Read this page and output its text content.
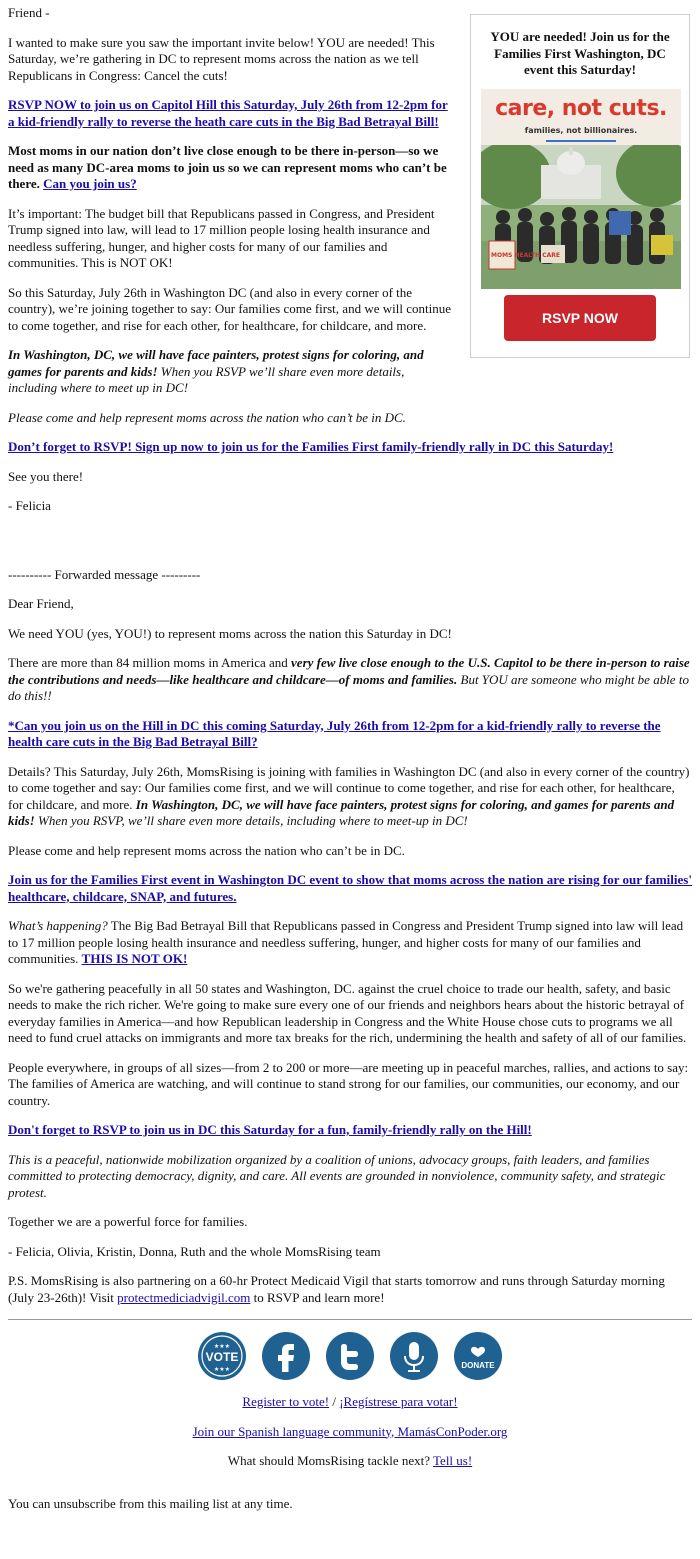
YOU are needed! Join us for the Families First Washington, DC event this Saturday!
care, not cuts.
families, not billionaires.
MOMS HEALTH CARE
RSVP NOW

Friend -

I wanted to make sure you saw the important invite below! YOU are needed! This Saturday, we’re gathering in DC to represent moms across the nation as we tell Republicans in Congress: Cancel the cuts!

RSVP NOW to join us on Capitol Hill this Saturday, July 26th from 12-2pm for a kid-friendly rally to reverse the heath care cuts in the Big Bad Betrayal Bill!

Most moms in our nation don’t live close enough to be there in-person—so we need as many DC-area moms to join us so we can represent moms who can’t be there. Can you join us?

It’s important: The budget bill that Republicans passed in Congress, and President Trump signed into law, will lead to 17 million people losing health insurance and needless suffering, hunger, and higher costs for many of our families and communities. This is NOT OK!

So this Saturday, July 26th in Washington DC (and also in every corner of the country), we’re joining together to say: Our families come first, and we will continue to come together, and rise for each other, for healthcare, for childcare, and more.

In Washington, DC, we will have face painters, protest signs for coloring, and games for parents and kids! When you RSVP we’ll share even more details, including where to meet up in DC!

Please come and help represent moms across the nation who can’t be in DC.

Don’t forget to RSVP! Sign up now to join us for the Families First family-friendly rally in DC this Saturday!

See you there!

- Felicia

---------- Forwarded message ---------

Dear Friend,

We need YOU (yes, YOU!) to represent moms across the nation this Saturday in DC!

There are more than 84 million moms in America and very few live close enough to the U.S. Capitol to be there in-person to raise the contributions and needs—like healthcare and childcare—of moms and families. But YOU are someone who might be able to do this!!

*Can you join us on the Hill in DC this coming Saturday, July 26th from 12-2pm for a kid-friendly rally to reverse the health care cuts in the Big Bad Betrayal Bill?

Details? This Saturday, July 26th, MomsRising is joining with families in Washington DC (and also in every corner of the country) to come together and say: Our families come first, and we will continue to come together, and rise for each other, for healthcare, for childcare, and more. In Washington, DC, we will have face painters, protest signs for coloring, and games for parents and kids! When you RSVP, we’ll share even more details, including where to meet-up in DC!

Please come and help represent moms across the nation who can’t be in DC.

Join us for the Families First event in Washington DC event to show that moms across the nation are rising for our families' healthcare, childcare, SNAP, and futures.

What’s happening? The Big Bad Betrayal Bill that Republicans passed in Congress and President Trump signed into law will lead to 17 million people losing health insurance and needless suffering, hunger, and higher costs for many of our families and communities. THIS IS NOT OK!

So we're gathering peacefully in all 50 states and Washington, DC. against the cruel choice to trade our health, safety, and basic needs to make the rich richer. We're going to make sure every one of our friends and neighbors hears about the historic betrayal of everyday families in America—and how Republican leadership in Congress and the White House chose cuts to programs we all need to fund cruel attacks on immigrants and more tax breaks for the rich, undermining the health and safety of all of our families.

People everywhere, in groups of all sizes—from 2 to 200 or more—are meeting up in peaceful marches, rallies, and actions to say: The families of America are watching, and will continue to stand strong for our families, our communities, our economy, and our country.

Don't forget to RSVP to join us in DC this Saturday for a fun, family-friendly rally on the Hill!

This is a peaceful, nationwide mobilization organized by a coalition of unions, advocacy groups, faith leaders, and families committed to protecting democracy, dignity, and care. All events are grounded in nonviolence, community safety, and strategic protest.

Together we are a powerful force for families.

- Felicia, Olivia, Kristin, Donna, Ruth and the whole MomsRising team

P.S. MomsRising is also partnering on a 60-hr Protect Medicaid Vigil that starts tomorrow and runs through Saturday morning (July 23-26th)! Visit protectmediciadvigil.com to RSVP and learn more!

VOTE
★★★
★★★	DONATE

Register to vote! / ¡Regístrese para votar!

Join our Spanish language community, MamásConPoder.org

What should MomsRising tackle next? Tell us!

You can unsubscribe from this mailing list at any time.
